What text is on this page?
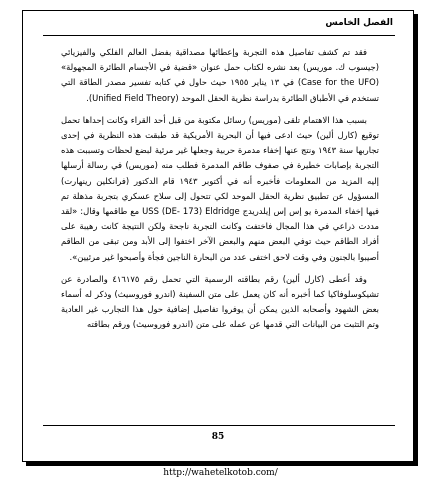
الفصل الخامس

فقد تم كشف تفاصيل هذه التجربة وإعطائها مصداقية بفضل العالم الفلكي والفيزيائي (جيسوب ك. موريس) بعد نشره لكتاب حمل عنوان «قضية في الأجسام الطائرة المجهولة» (Case for the UFO) في ١٣ يناير ١٩٥٥ حيث حاول في كتابه تفسير مصدر الطاقة التي تستخدم في الأطباق الطائرة بدراسة نظرية الحقل الموحد (Unified Field Theory).

بسبب هذا الاهتمام تلقى (موريس) رسائل مكتوبة من قبل أحد القراء وكانت إحداها تحمل توقيع (كارل ألين) حيث ادعى فيها أن البحرية الأمريكية قد طبقت هذه النظرية في إحدى تجاربها سنة ١٩٤٣ ونتج عنها إخفاء مدمرة حربية وجعلها غير مرئية لبضع لحظات وتسببت هذه التجربة بإصابات خطيرة في صفوف طاقم المدمرة فطلب منه (موريس) في رسالة أرسلها إليه المزيد من المعلومات فأخبره أنه في أكتوبر ١٩٤٣ قام الدكتور (فرانكلين رينهارت) المسؤول عن تطبيق نظرية الحقل الموحد لكي تتحول إلى سلاح عسكري بتجربة مذهلة تم فيها إخفاء المدمرة يو إس إس إيلدريدج USS (DE- 173) Eldridge مع طاقمها وقال: «لقد مددت ذراعي في هذا المجال فاختفت وكانت التجربة ناجحة ولكن النتيجة كانت رهيبة على أفراد الطاقم حيث توفي البعض منهم والبعض الآخر اختفوا إلى الأبد ومن تبقى من الطاقم أصيبوا بالجنون وفي وقت لاحق اختفى عدد من البحارة الناجين فجأة وأصبحوا غير مرئيين».

وقد أعطى (كارل ألين) رقم بطاقته الرسمية التي تحمل رقم ٤١٦١٧٥ والصادرة عن تشيكوسلوفاكيا كما أخبره أنه كان يعمل على متن السفينة (اندرو فوروسيث) وذكر له أسماء بعض الشهود وأصحابه الذين يمكن أن يوفروا تفاصيل إضافية حول هذا التجارب غير العادية وتم التثبت من البيانات التي قدمها عن عمله على متن (اندرو فوروسيث) ورقم بطاقته

85
http://wahetelkotob.com/
